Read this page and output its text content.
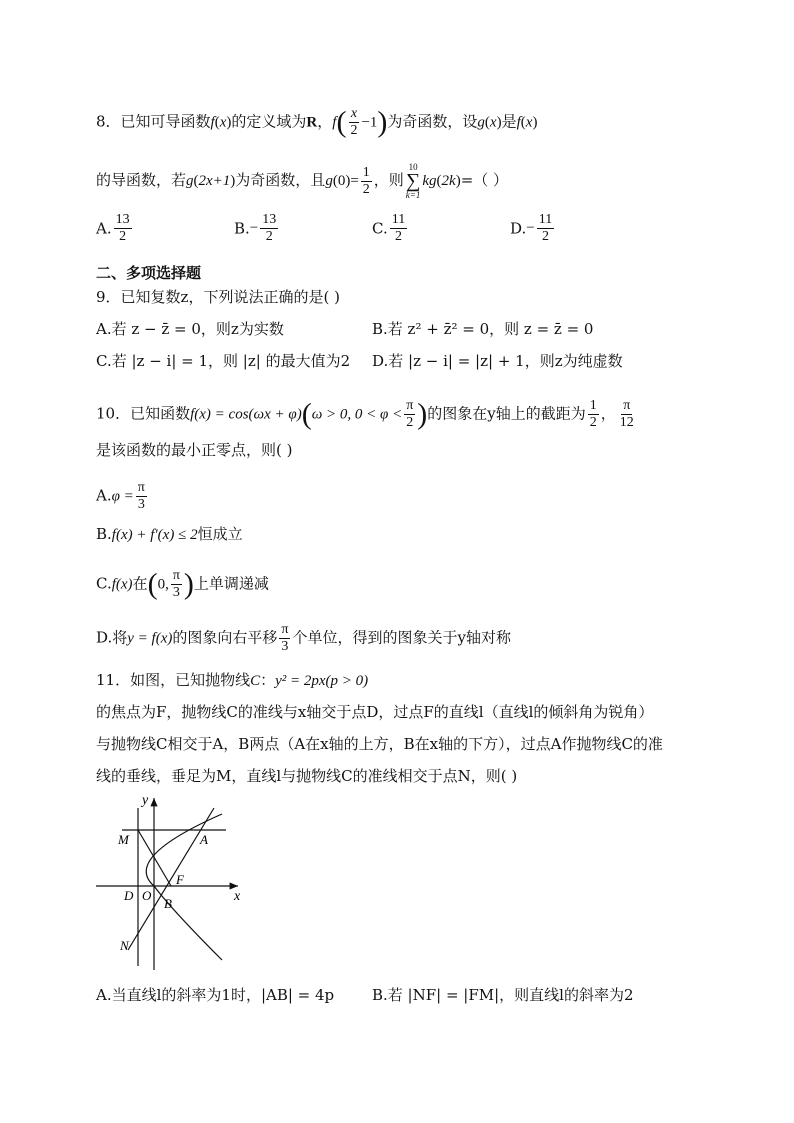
8．已知可导函数f(x)的定义域为R，$f( \frac{x}{2} -1)$为奇函数，设g(x)是f(x)
的导函数，若g(2x+1)为奇函数，且$g(0)= \frac{1}{2}$ ，则
10
∑
k=1
kg(2k)=（ ）
A. $\frac{13}{2}$	$B.- \frac{13}{2}$	C. $\frac{11}{2}$	$D.- \frac{11}{2}$
二、多项选择题
9．已知复数z，下列说法正确的是( )
A.若 z − z̄ = 0，则z为实数	B.若 z² + z̄² = 0，则 z = z̄ = 0
C.若 |z − i| = 1，则 |z| 的最大值为2 D.若 |z − i| = |z| + 1，则z为纯虚数
10．已知函数f(x) = cos(ωx + φ)(ω > 0, $0 < \varphi < \frac{\pi}{2}$ )的图象在y轴上的截距为 $\frac{1}{2}$ ， $\frac{\pi}{12}$
是该函数的最小正零点，则( )
$A.\varphi = \frac{\pi}{3}$
B.f(x) + f′(x) ≤ 2恒成立
C.f(x)在(0, $\frac{\pi}{3}$ )上单调递减
D.将y = f(x)的图象向右平移 $\frac{\pi}{3}$ 个单位，得到的图象关于y轴对称
11．如图，已知抛物线C：y² = 2px(p > 0)
的焦点为F，抛物线C的准线与x轴交于点D，过点F的直线l（直线l的倾斜角为锐角）
与抛物线C相交于A，B两点（A在x轴的上方，B在x轴的下方），过点A作抛物线C的准
线的垂线，垂足为M，直线l与抛物线C的准线相交于点N，则( )
y
x
M	A
F
D O
B
N
A.当直线l的斜率为1时，|AB| = 4p	B.若 |NF| = |FM|，则直线l的斜率为2
